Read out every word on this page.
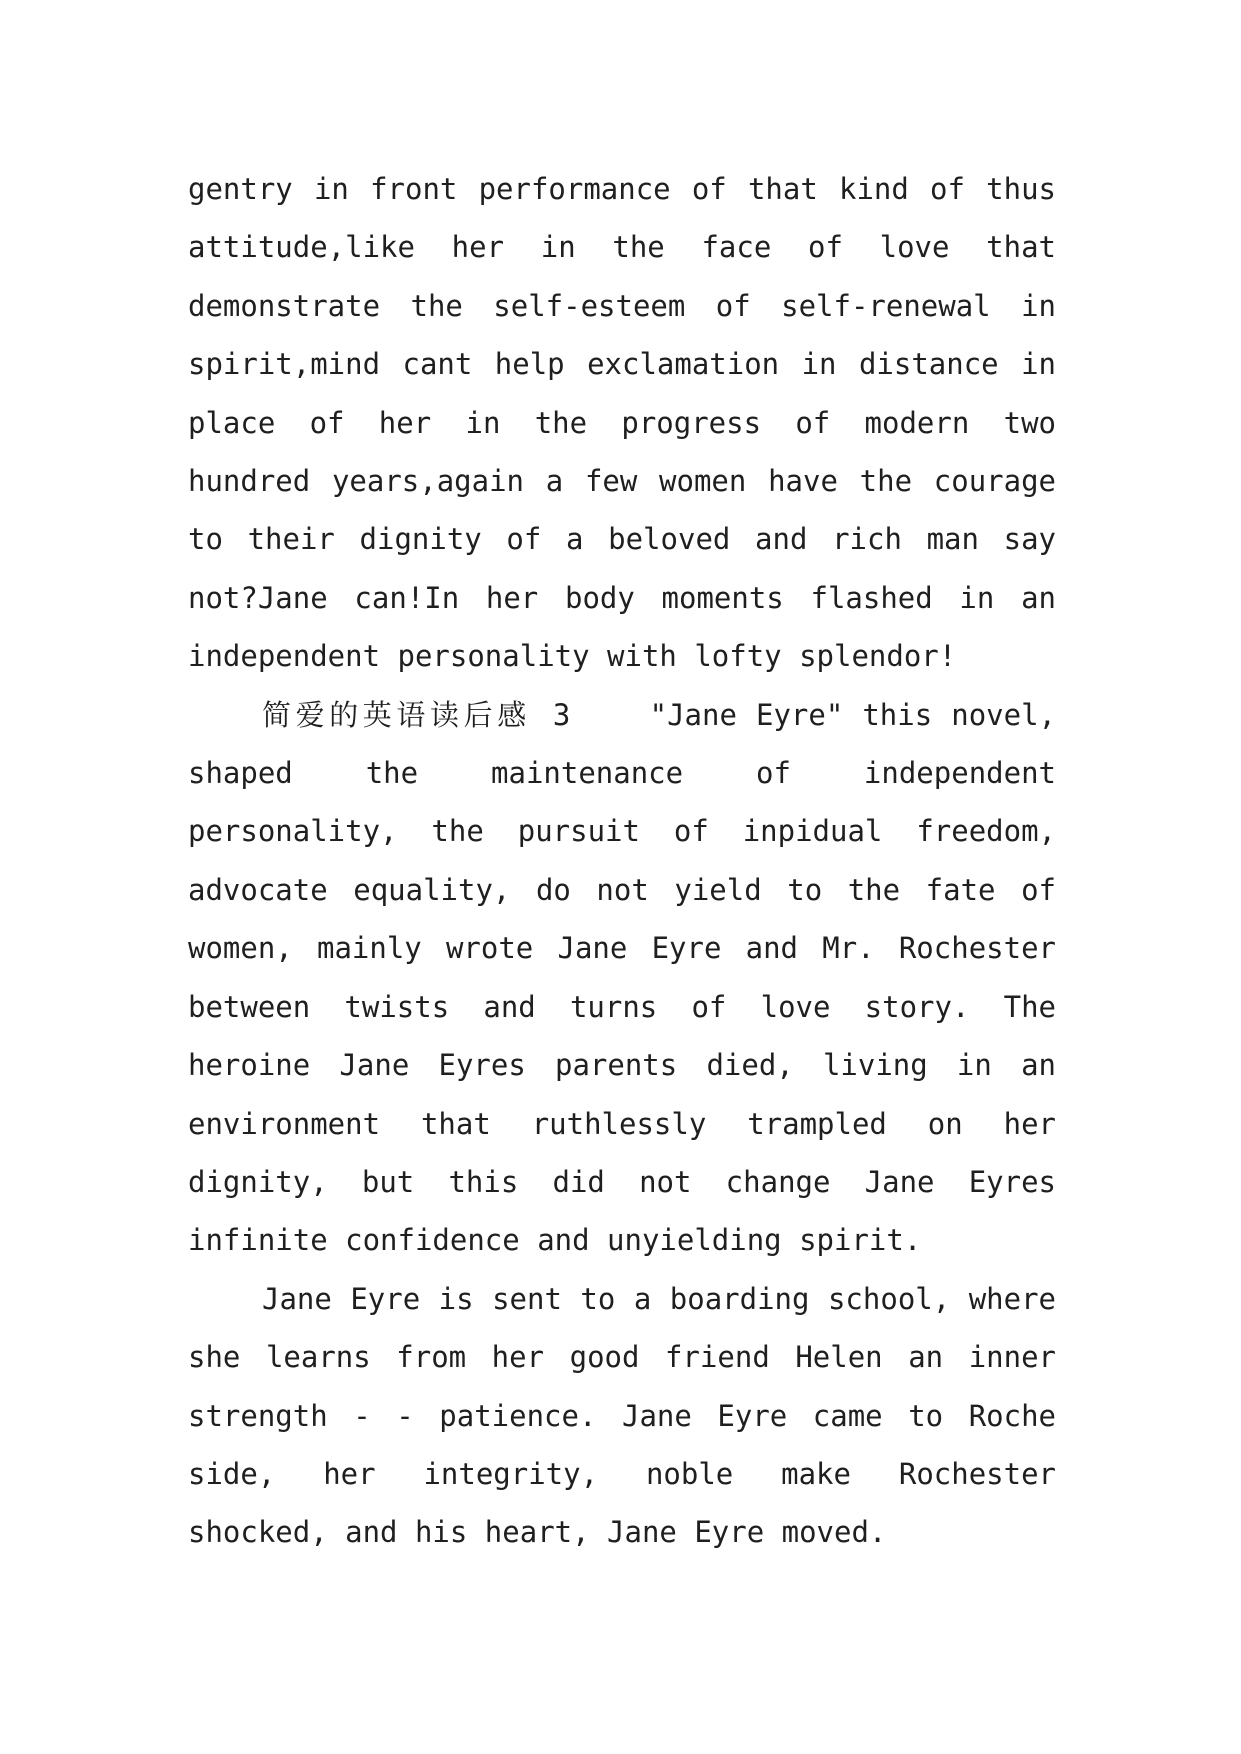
gentry in front performance of that kind of thus attitude,like her in the face of love that demonstrate the self-esteem of self-renewal in spirit,mind cant help exclamation in distance in place of her in the progress of modern two hundred years,again a few women have the courage to their dignity of a beloved and rich man say not?Jane can!In her body moments flashed in an independent personality with lofty splendor!

简爱的英语读后感 3	"Jane Eyre" this novel, shaped the maintenance of independent personality, the pursuit of inpidual freedom, advocate equality, do not yield to the fate of women, mainly wrote Jane Eyre and Mr. Rochester between twists and turns of love story. The heroine Jane Eyres parents died, living in an environment that ruthlessly trampled on her dignity, but this did not change Jane Eyres infinite confidence and unyielding spirit.

Jane Eyre is sent to a boarding school, where she learns from her good friend Helen an inner strength - - patience. Jane Eyre came to Roche side, her integrity, noble make Rochester shocked, and his heart, Jane Eyre moved.
